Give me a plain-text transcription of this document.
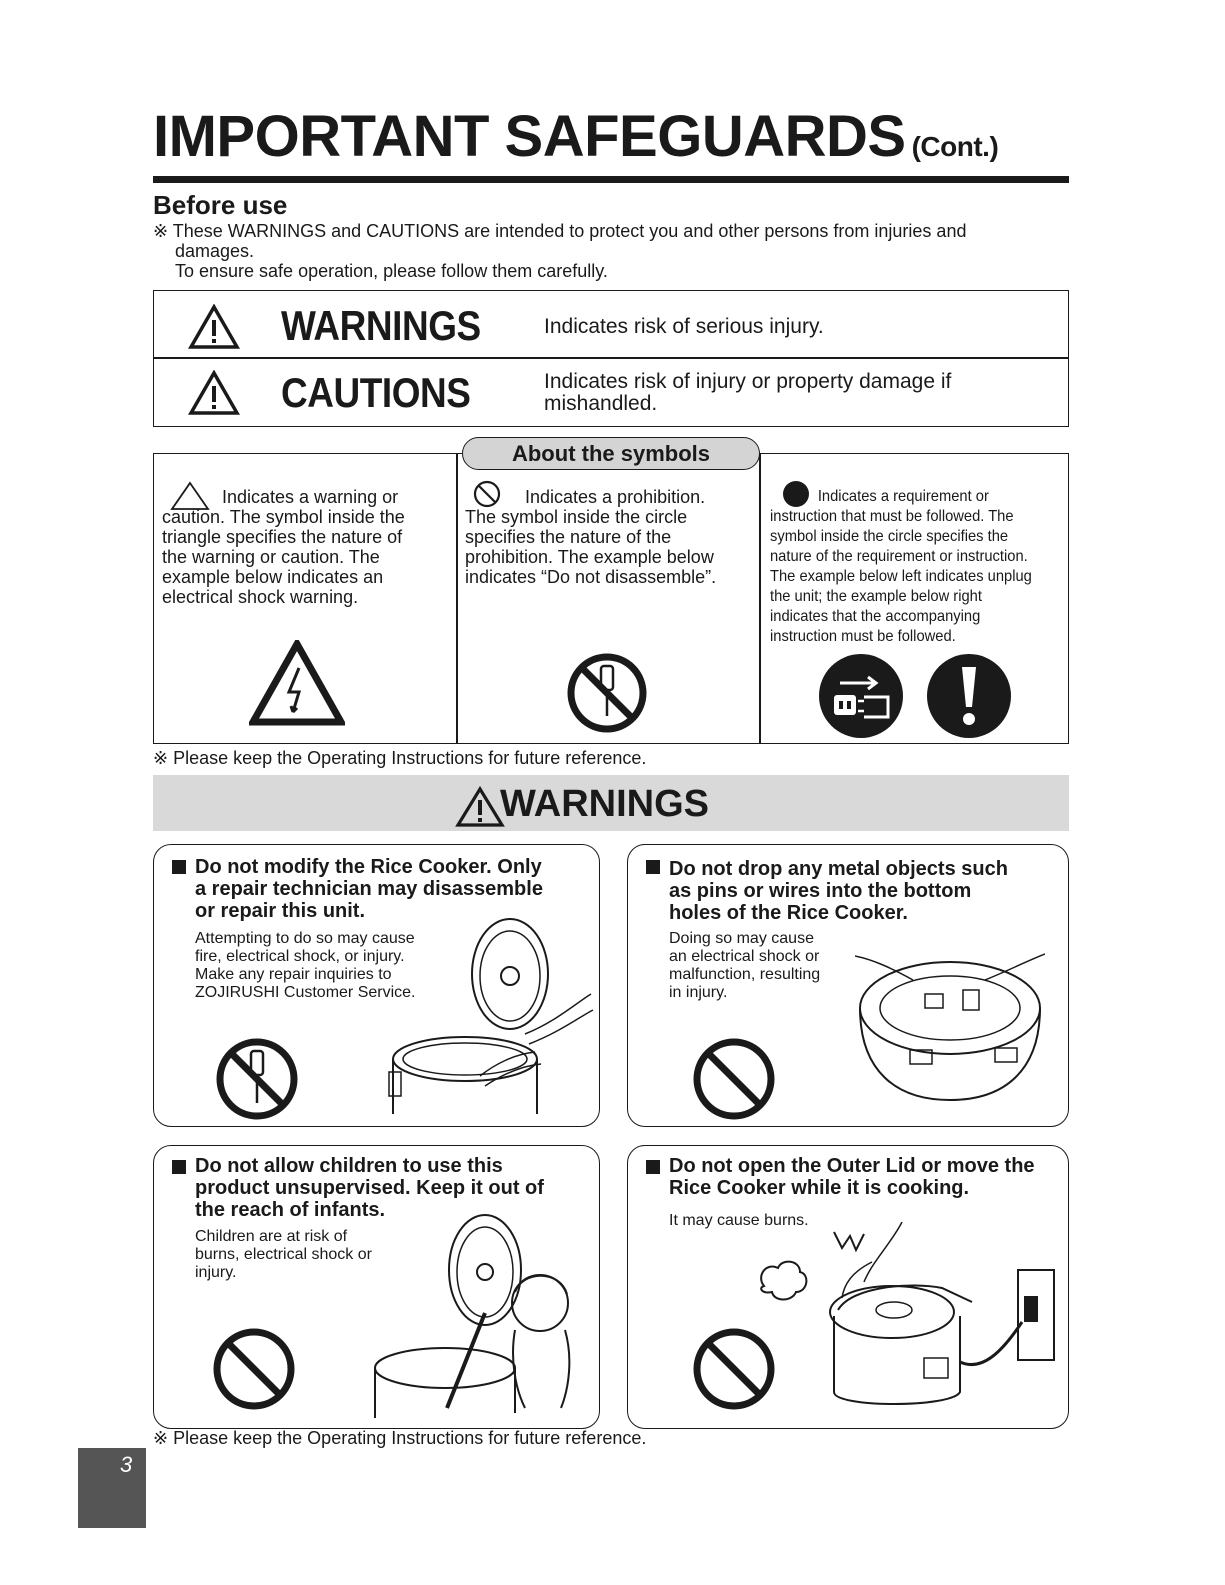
IMPORTANT SAFEGUARDS (Cont.)
Before use
※ These WARNINGS and CAUTIONS are intended to protect you and other persons from injuries and
damages.
To ensure safe operation, please follow them carefully.
WARNINGS	Indicates risk of serious injury.
CAUTIONS	Indicates risk of injury or property damage if
mishandled.
About the symbols
Indicates a warning or
caution. The symbol inside the
triangle specifies the nature of
the warning or caution. The
example below indicates an
electrical shock warning.
Indicates a prohibition.
The symbol inside the circle
specifies the nature of the
prohibition. The example below
indicates “Do not disassemble”.
Indicates a requirement or
instruction that must be followed. The
symbol inside the circle specifies the
nature of the requirement or instruction.
The example below left indicates unplug
the unit; the example below right
indicates that the accompanying
instruction must be followed.
※ Please keep the Operating Instructions for future reference.
WARNINGS
Do not modify the Rice Cooker. Only
a repair technician may disassemble
or repair this unit.
Attempting to do so may cause
fire, electrical shock, or injury.
Make any repair inquiries to
ZOJIRUSHI Customer Service.
Do not drop any metal objects such
as pins or wires into the bottom
holes of the Rice Cooker.
Doing so may cause
an electrical shock or
malfunction, resulting
in injury.
Do not allow children to use this
product unsupervised. Keep it out of
the reach of infants.
Children are at risk of
burns, electrical shock or
injury.
Do not open the Outer Lid or move the
Rice Cooker while it is cooking.
It may cause burns.
※ Please keep the Operating Instructions for future reference.
3
